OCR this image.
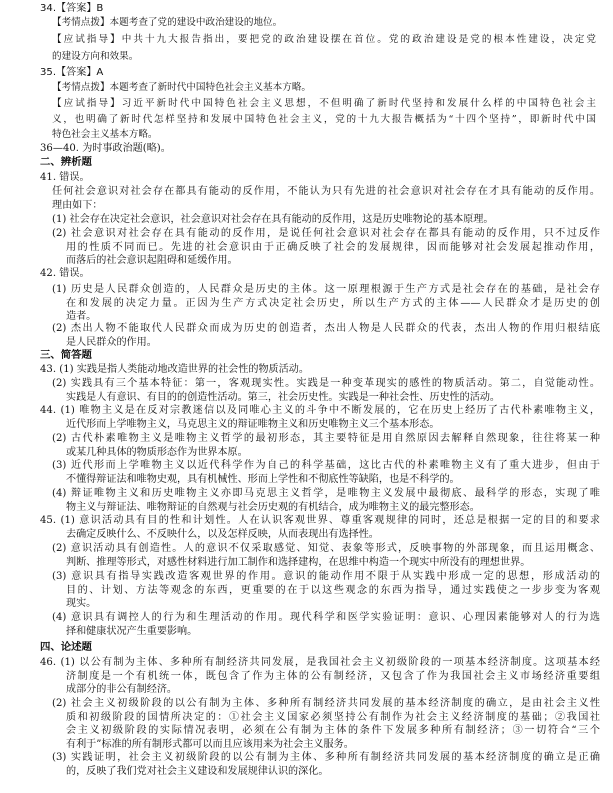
34.【答案】B
【考情点拨】本题考查了党的建设中政治建设的地位。
【应试指导】中共十九大报告指出，要把党的政治建设摆在首位。党的政治建设是党的根本性建设，决定党
的建设方向和效果。
35.【答案】A
【考情点拨】本题考查了新时代中国特色社会主义基本方略。
【应试指导】习近平新时代中国特色社会主义思想，不但明确了新时代坚持和发展什么样的中国特色社会主
义，也明确了新时代怎样坚持和发展中国特色社会主义，党的十九大报告概括为“十四个坚持”，即新时代中国
特色社会主义基本方略。
36—40. 为时事政治题(略)。
二、辨析题
41. 错误。
任何社会意识对社会存在都具有能动的反作用，不能认为只有先进的社会意识对社会存在才具有能动的反作用。
理由如下：
(1) 社会存在决定社会意识，社会意识对社会存在具有能动的反作用，这是历史唯物论的基本原理。
(2) 社会意识对社会存在具有能动的反作用，是说任何社会意识对社会存在都具有能动的反作用，只不过反作
用的性质不同而已。先进的社会意识由于正确反映了社会的发展规律，因而能够对社会发展起推动作用，
而落后的社会意识起阻碍和延缓作用。
42. 错误。
(1) 历史是人民群众创造的，人民群众是历史的主体。这一原理根源于生产方式是社会存在的基础，是社会存
在和发展的决定力量。正因为生产方式决定社会历史，所以生产方式的主体——人民群众才是历史的创
造者。
(2) 杰出人物不能取代人民群众而成为历史的创造者，杰出人物是人民群众的代表，杰出人物的作用归根结底
是人民群众的作用。
三、简答题
43. (1) 实践是指人类能动地改造世界的社会性的物质活动。
(2) 实践具有三个基本特征：第一，客观现实性。实践是一种变革现实的感性的物质活动。第二，自觉能动性。
实践是人有意识、有目的的创造性活动。第三，社会历史性。实践是一种社会性、历史性的活动。
44. (1) 唯物主义是在反对宗教迷信以及同唯心主义的斗争中不断发展的，它在历史上经历了古代朴素唯物主义，
近代形而上学唯物主义，马克思主义的辩证唯物主义和历史唯物主义三个基本形态。
(2) 古代朴素唯物主义是唯物主义哲学的最初形态，其主要特征是用自然原因去解释自然现象，往往将某一种
或某几种具体的物质形态作为世界本原。
(3) 近代形而上学唯物主义以近代科学作为自己的科学基础，这比古代的朴素唯物主义有了重大进步，但由于
不懂得辩证法和唯物史观，具有机械性、形而上学性和不彻底性等缺陷，也是不科学的。
(4) 辩证唯物主义和历史唯物主义亦即马克思主义哲学，是唯物主义发展中最彻底、最科学的形态，实现了唯
物主义与辩证法、唯物辩证的自然观与社会历史观的有机结合，成为唯物主义的最完整形态。
45. (1) 意识活动具有目的性和计划性。人在认识客观世界、尊重客观规律的同时，还总是根据一定的目的和要求
去确定反映什么、不反映什么，以及怎样反映，从而表现出有选择性。
(2) 意识活动具有创造性。人的意识不仅采取感觉、知觉、表象等形式，反映事物的外部现象，而且运用概念、
判断、推理等形式，对感性材料进行加工制作和选择建构，在思维中构造一个现实中所没有的理想世界。
(3) 意识具有指导实践改造客观世界的作用。意识的能动作用不限于从实践中形成一定的思想，形成活动的
目的、计划、方法等观念的东西，更重要的在于以这些观念的东西为指导，通过实践使之一步步变为客观
现实。
(4) 意识具有调控人的行为和生理活动的作用。现代科学和医学实验证明：意识、心理因素能够对人的行为选
择和健康状况产生重要影响。
四、论述题
46. (1) 以公有制为主体、多种所有制经济共同发展，是我国社会主义初级阶段的一项基本经济制度。这项基本经
济制度是一个有机统一体，既包含了作为主体的公有制经济，又包含了作为我国社会主义市场经济重要组
成部分的非公有制经济。
(2) 社会主义初级阶段的以公有制为主体、多种所有制经济共同发展的基本经济制度的确立，是由社会主义性
质和初级阶段的国情所决定的：①社会主义国家必须坚持公有制作为社会主义经济制度的基础；②我国社
会主义初级阶段的实际情况表明，必须在公有制为主体的条件下发展多种所有制经济；③一切符合“三个
有利于”标准的所有制形式都可以而且应该用来为社会主义服务。
(3) 实践证明，社会主义初级阶段的以公有制为主体、多种所有制经济共同发展的基本经济制度的确立是正确
的，反映了我们党对社会主义建设和发展规律认识的深化。
